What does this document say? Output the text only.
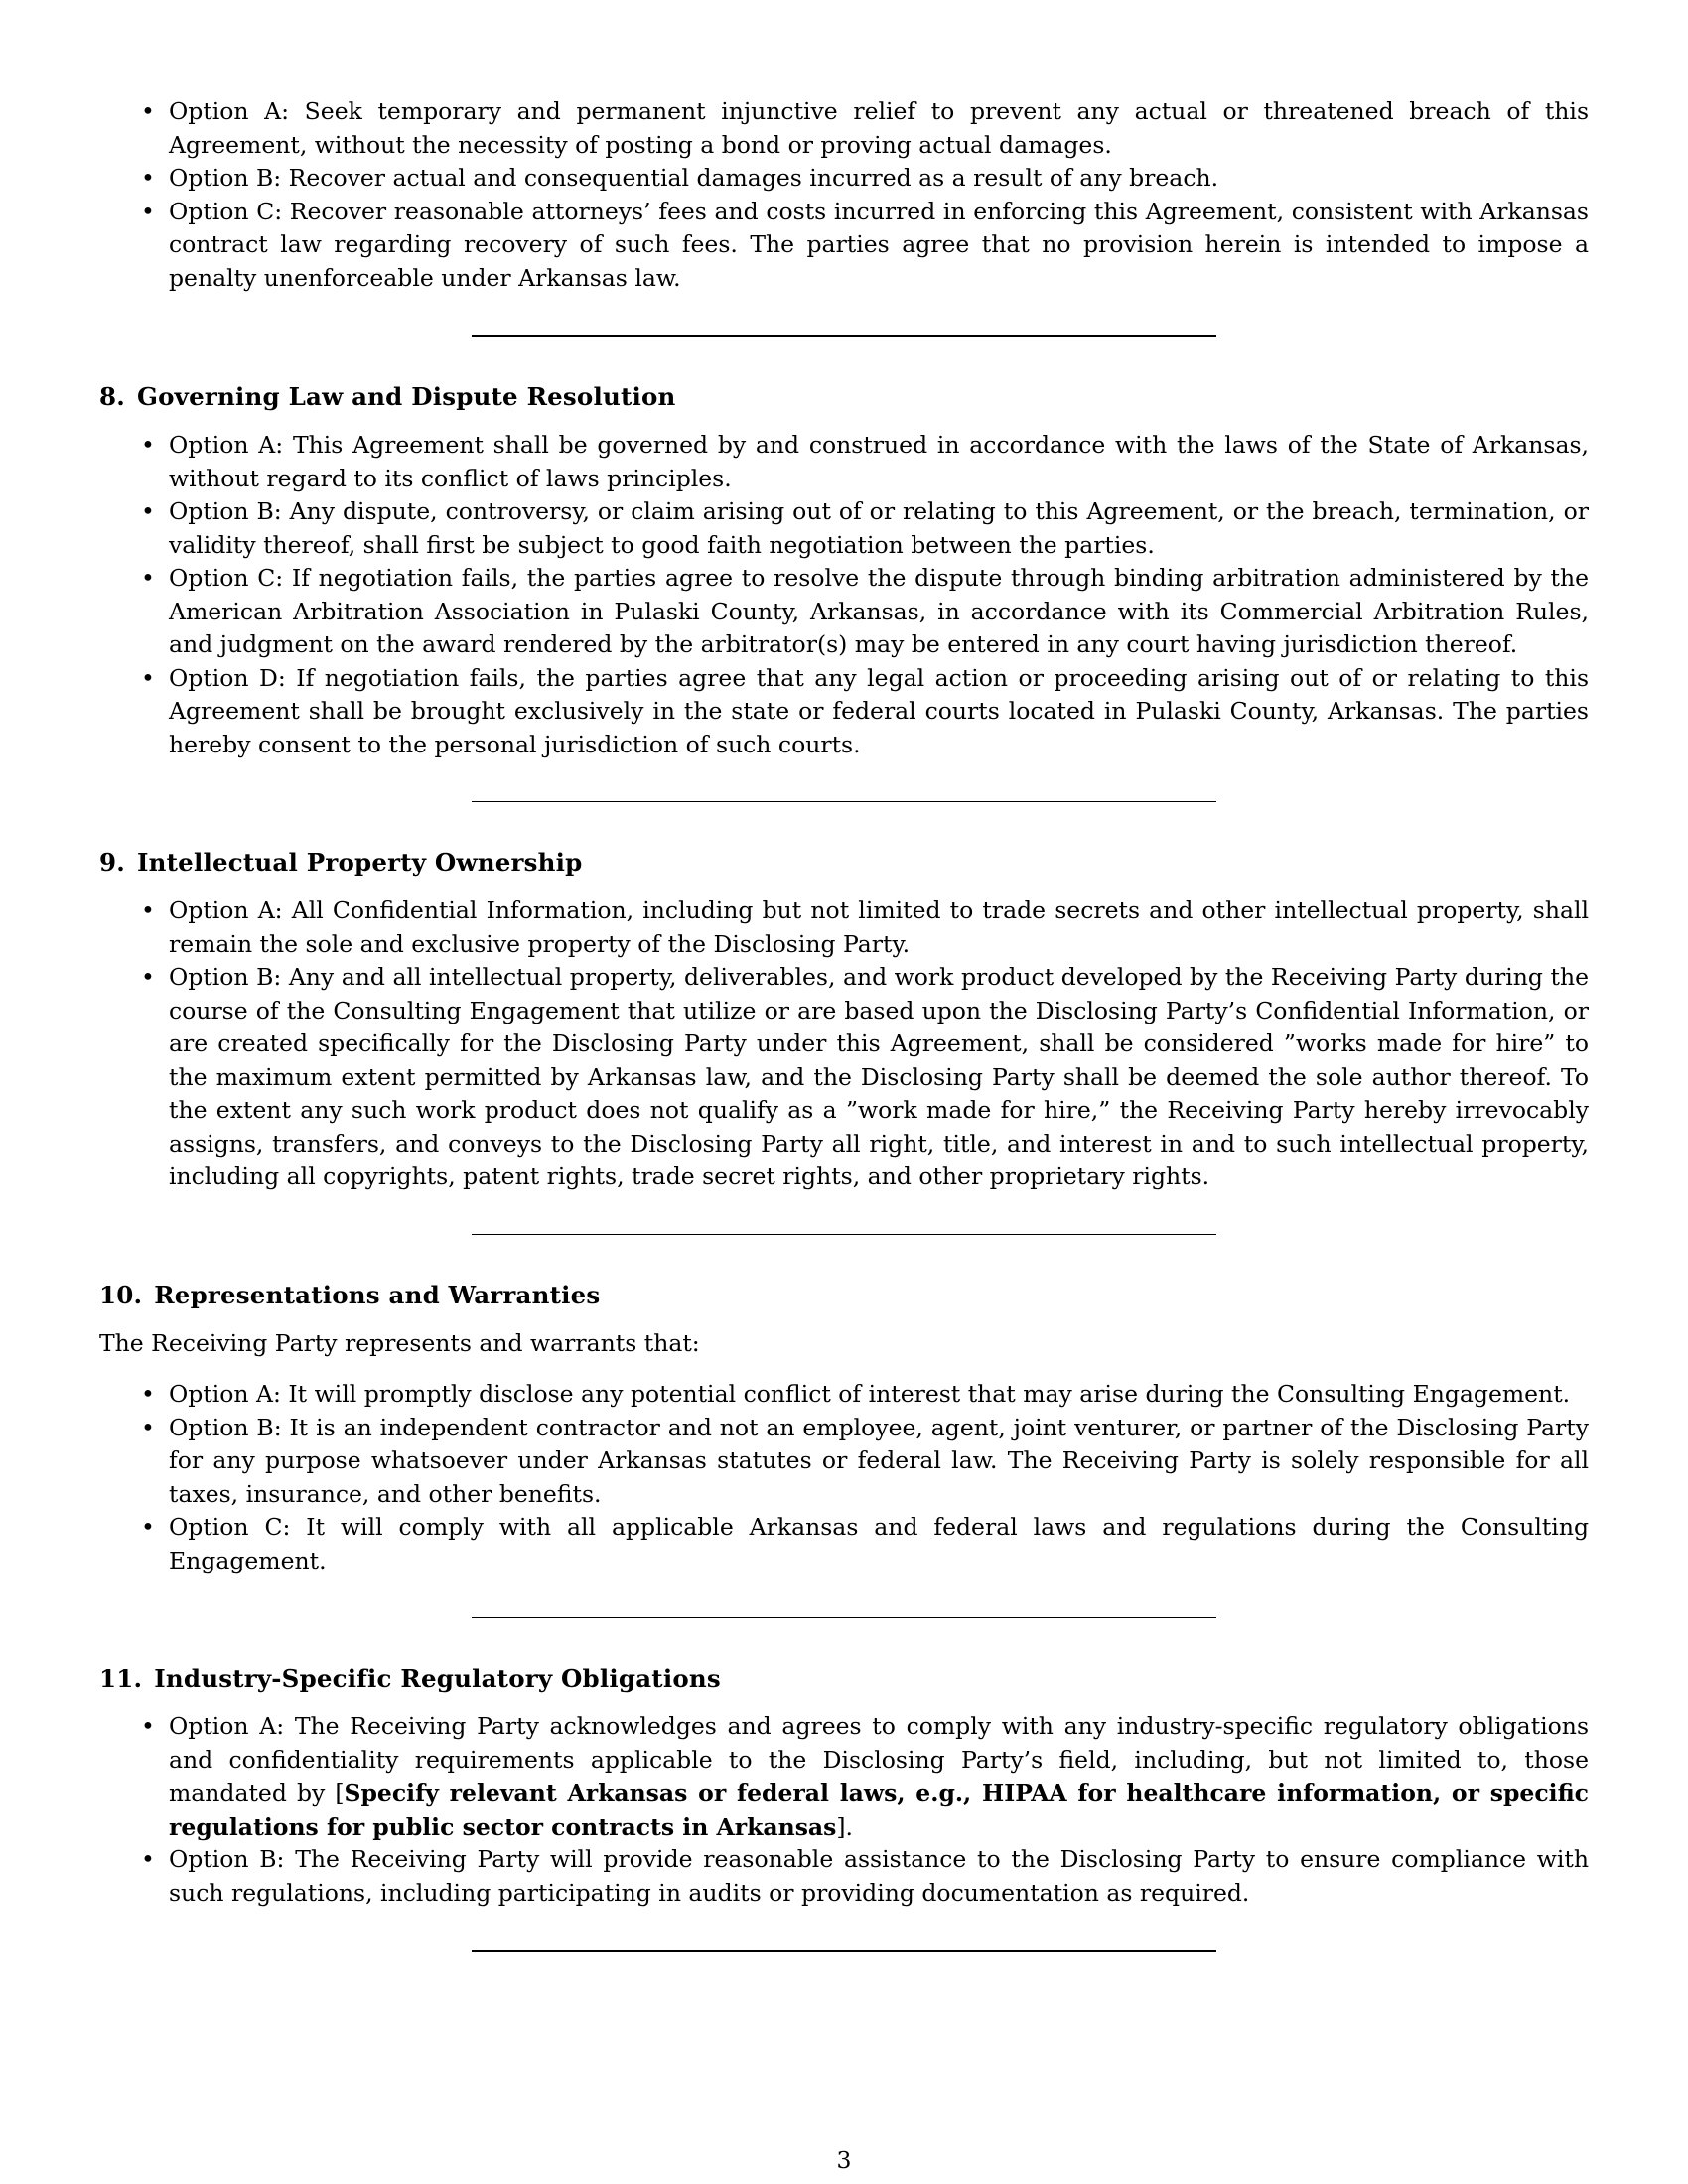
• Option A: Seek temporary and permanent injunctive relief to prevent any actual or threatened breach of this Agreement, without the necessity of posting a bond or proving actual damages.
• Option B: Recover actual and consequential damages incurred as a result of any breach.
• Option C: Recover reasonable attorneys’ fees and costs incurred in enforcing this Agreement, consistent with Arkansas contract law regarding recovery of such fees. The parties agree that no provision herein is intended to impose a penalty unenforceable under Arkansas law.
8. Governing Law and Dispute Resolution
• Option A: This Agreement shall be governed by and construed in accordance with the laws of the State of Arkansas, without regard to its conflict of laws principles.
• Option B: Any dispute, controversy, or claim arising out of or relating to this Agreement, or the breach, termination, or validity thereof, shall first be subject to good faith negotiation between the parties.
• Option C: If negotiation fails, the parties agree to resolve the dispute through binding arbitration administered by the American Arbitration Association in Pulaski County, Arkansas, in accordance with its Commercial Arbitration Rules, and judgment on the award rendered by the arbitrator(s) may be entered in any court having jurisdiction thereof.
• Option D: If negotiation fails, the parties agree that any legal action or proceeding arising out of or relating to this Agreement shall be brought exclusively in the state or federal courts located in Pulaski County, Arkansas. The parties hereby consent to the personal jurisdiction of such courts.
9. Intellectual Property Ownership
• Option A: All Confidential Information, including but not limited to trade secrets and other intellectual property, shall remain the sole and exclusive property of the Disclosing Party.
• Option B: Any and all intellectual property, deliverables, and work product developed by the Receiving Party during the course of the Consulting Engagement that utilize or are based upon the Disclosing Party’s Confidential Information, or are created specifically for the Disclosing Party under this Agreement, shall be considered ”works made for hire” to the maximum extent permitted by Arkansas law, and the Disclosing Party shall be deemed the sole author thereof. To the extent any such work product does not qualify as a ”work made for hire,” the Receiving Party hereby irrevocably assigns, transfers, and conveys to the Disclosing Party all right, title, and interest in and to such intellectual property, including all copyrights, patent rights, trade secret rights, and other proprietary rights.
10. Representations and Warranties

The Receiving Party represents and warrants that:

• Option A: It will promptly disclose any potential conflict of interest that may arise during the Consulting Engagement.
• Option B: It is an independent contractor and not an employee, agent, joint venturer, or partner of the Disclosing Party for any purpose whatsoever under Arkansas statutes or federal law. The Receiving Party is solely responsible for all taxes, insurance, and other benefits.
• Option C: It will comply with all applicable Arkansas and federal laws and regulations during the Consulting Engagement.
11. Industry-Specific Regulatory Obligations
• Option A: The Receiving Party acknowledges and agrees to comply with any industry-specific regulatory obligations and confidentiality requirements applicable to the Disclosing Party’s field, including, but not limited to, those mandated by [Specify relevant Arkansas or federal laws, e.g., HIPAA for healthcare information, or specific regulations for public sector contracts in Arkansas].
• Option B: The Receiving Party will provide reasonable assistance to the Disclosing Party to ensure compliance with such regulations, including participating in audits or providing documentation as required.
3
